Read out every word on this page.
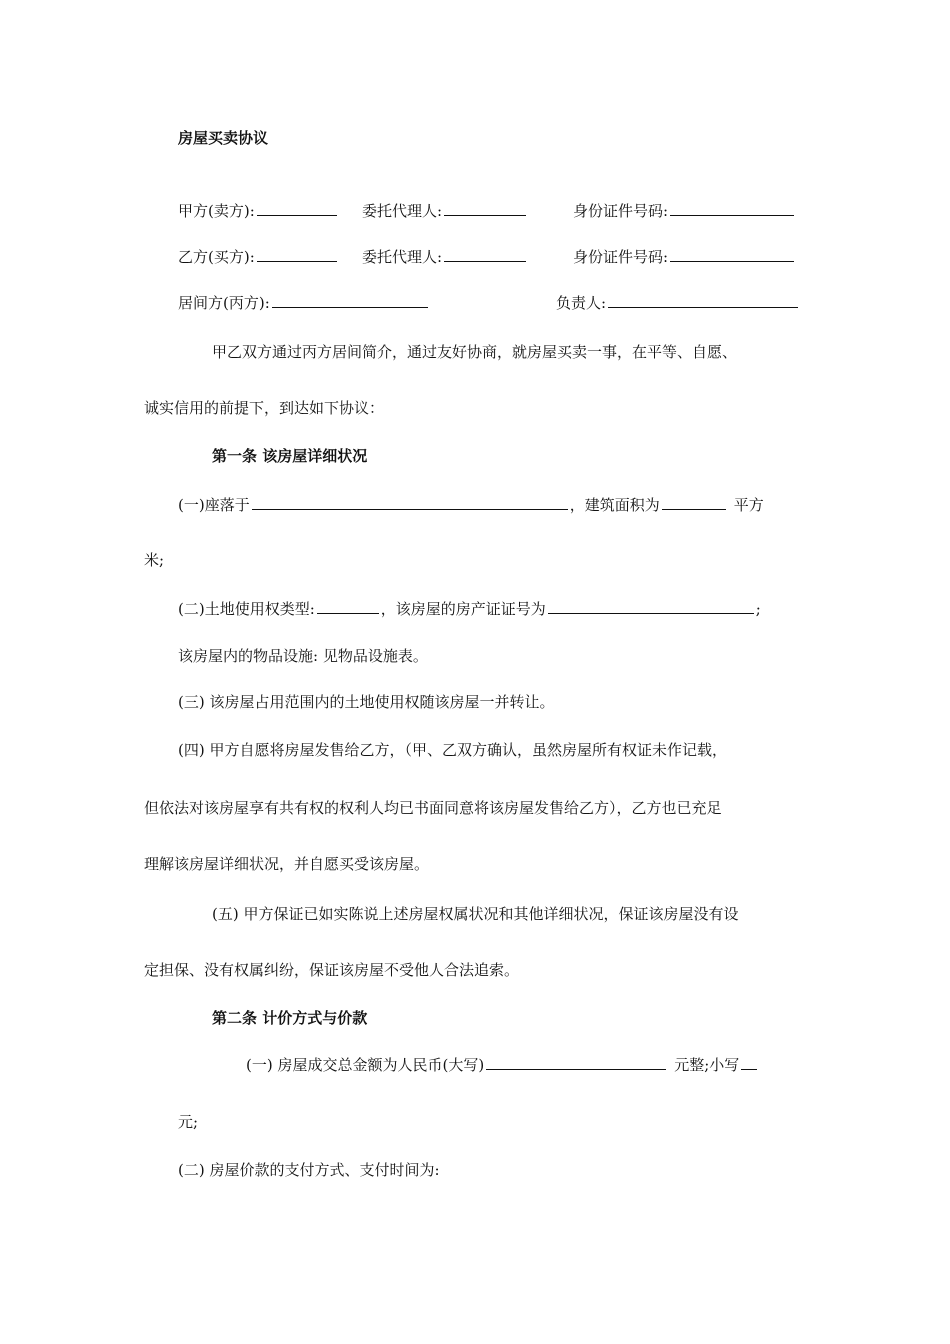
房屋买卖协议
甲方(卖方):	委托代理人:	身份证件号码:
乙方(买方):	委托代理人:	身份证件号码:
居间方(丙方):	负责人:
甲乙双方通过丙方居间简介，通过友好协商，就房屋买卖一事，在平等、自愿、
诚实信用的前提下，到达如下协议：
第一条 该房屋详细状况
(一)座落于	，建筑面积为	平方
米;
(二)土地使用权类型:	，该房屋的房产证证号为	;
该房屋内的物品设施: 见物品设施表。
(三) 该房屋占用范围内的土地使用权随该房屋一并转让。
(四) 甲方自愿将房屋发售给乙方，（甲、乙双方确认，虽然房屋所有权证未作记载，
但依法对该房屋享有共有权的权利人均已书面同意将该房屋发售给乙方），乙方也已充足
理解该房屋详细状况，并自愿买受该房屋。
(五) 甲方保证已如实陈说上述房屋权属状况和其他详细状况，保证该房屋没有设
定担保、没有权属纠纷，保证该房屋不受他人合法追索。
第二条 计价方式与价款
(一) 房屋成交总金额为人民币(大写)	元整;小写
元;
(二) 房屋价款的支付方式、支付时间为:
